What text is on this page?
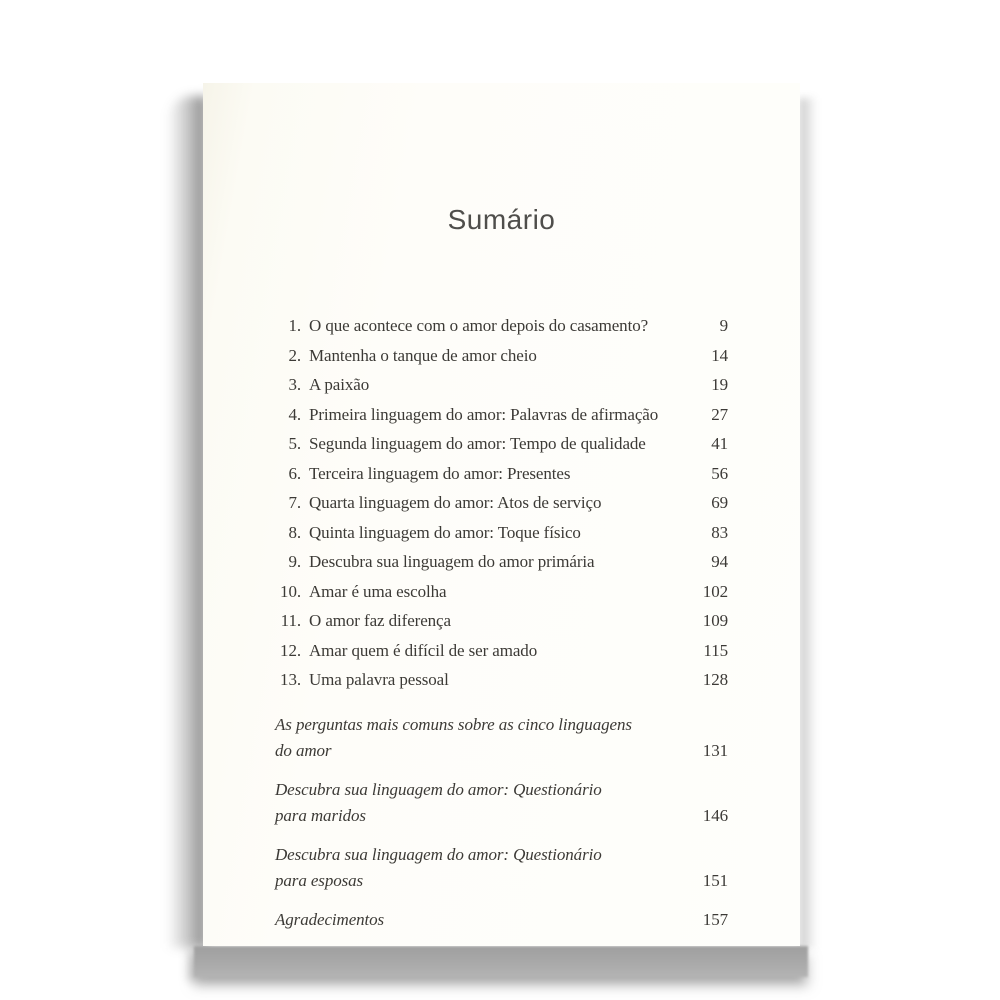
Sumário
1. O que acontece com o amor depois do casamento?	9
2. Mantenha o tanque de amor cheio	14
3. A paixão	19
4. Primeira linguagem do amor: Palavras de afirmação	27
5. Segunda linguagem do amor: Tempo de qualidade	41
6. Terceira linguagem do amor: Presentes	56
7. Quarta linguagem do amor: Atos de serviço	69
8. Quinta linguagem do amor: Toque físico	83
9. Descubra sua linguagem do amor primária	94
10. Amar é uma escolha	102
11. O amor faz diferença	109
12. Amar quem é difícil de ser amado	115
13. Uma palavra pessoal	128
As perguntas mais comuns sobre as cinco linguagens
do amor	131
Descubra sua linguagem do amor: Questionário
para maridos	146
Descubra sua linguagem do amor: Questionário
para esposas	151
Agradecimentos	157
